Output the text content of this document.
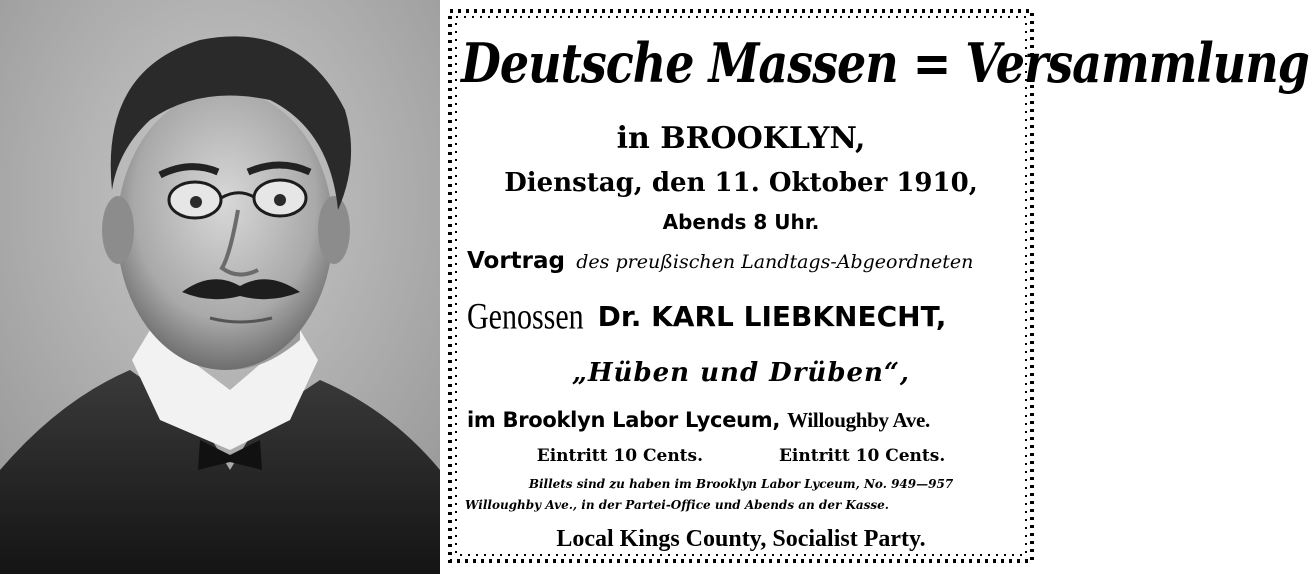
Deutsche Massen = Versammlung
in BROOKLYN,
Dienstag, den 11. Oktober 1910,
Abends 8 Uhr.
Vortrag des preußischen Landtags-Abgeordneten
Genossen Dr. KARL LIEBKNECHT,
„Hüben und Drüben“,
im Brooklyn Labor Lyceum, Willoughby Ave.
Eintritt 10 Cents.	Eintritt 10 Cents.
Billets sind zu haben im Brooklyn Labor Lyceum, No. 949—957
Willoughby Ave., in der Partei-Office und Abends an der Kasse.
Local Kings County, Socialist Party.
